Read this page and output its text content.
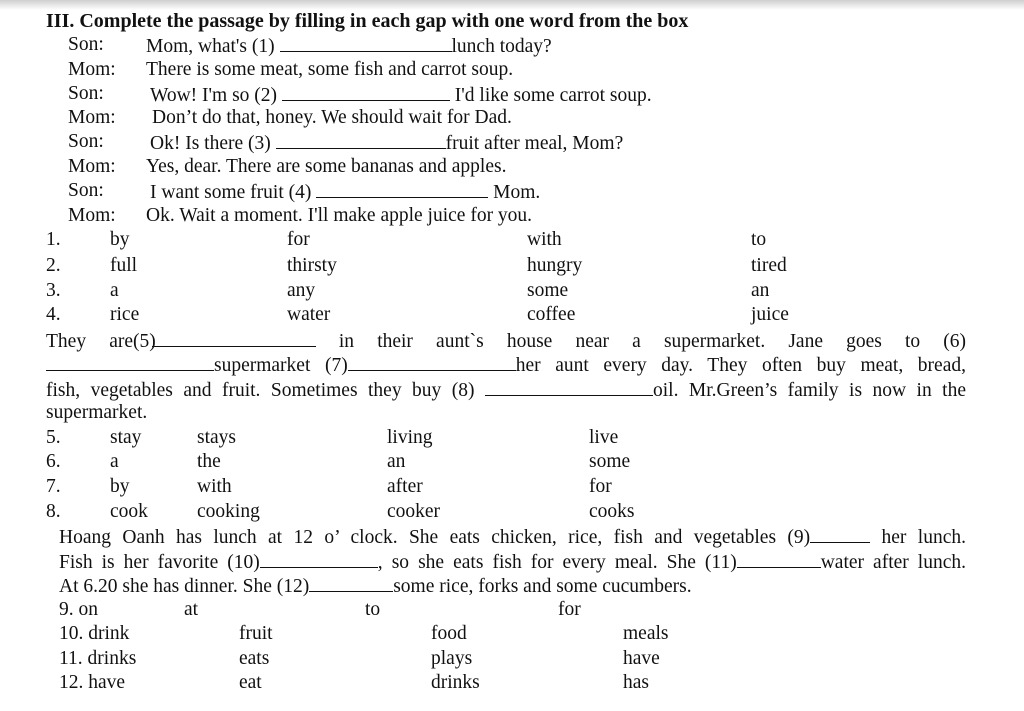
III. Complete the passage by filling in each gap with one word from the box
Son: Mom, what's (1)	lunch today?
Mom: There is some meat, some fish and carrot soup.
Son: Wow! I'm so (2)	I'd like some carrot soup.
Mom: Don’t do that, honey. We should wait for Dad.
Son: Ok! Is there (3)	fruit after meal, Mom?
Mom: Yes, dear. There are some bananas and apples.
Son: I want some fruit (4)	Mom.
Mom: Ok. Wait a moment. I'll make apple juice for you.
1.	by	for	with	to
2.	full	thirsty	hungry	tired
3.	a	any	some	an
4.	rice	water	coffee	juice
They are(5)	in their aunt`s house near a supermarket. Jane goes to (6)
supermarket (7)	her aunt every day. They often buy meat, bread,
fish, vegetables and fruit. Sometimes they buy (8)	oil. Mr.Green’s family is now in the
supermarket.
5.	stay	stays	living	live
6.	a	the	an	some
7.	by	with	after	for
8.	cook	cooking	cooker	cooks
Hoang Oanh has lunch at 12 o’ clock. She eats chicken, rice, fish and vegetables (9)	her lunch.
Fish is her favorite (10)	, so she eats fish for every meal. She (11)	water after lunch.
At 6.20 she has dinner. She (12)	some rice, forks and some cucumbers.
9. on	at	to	for
10. drink	fruit	food	meals
11. drinks	eats	plays	have
12. have	eat	drinks	has
